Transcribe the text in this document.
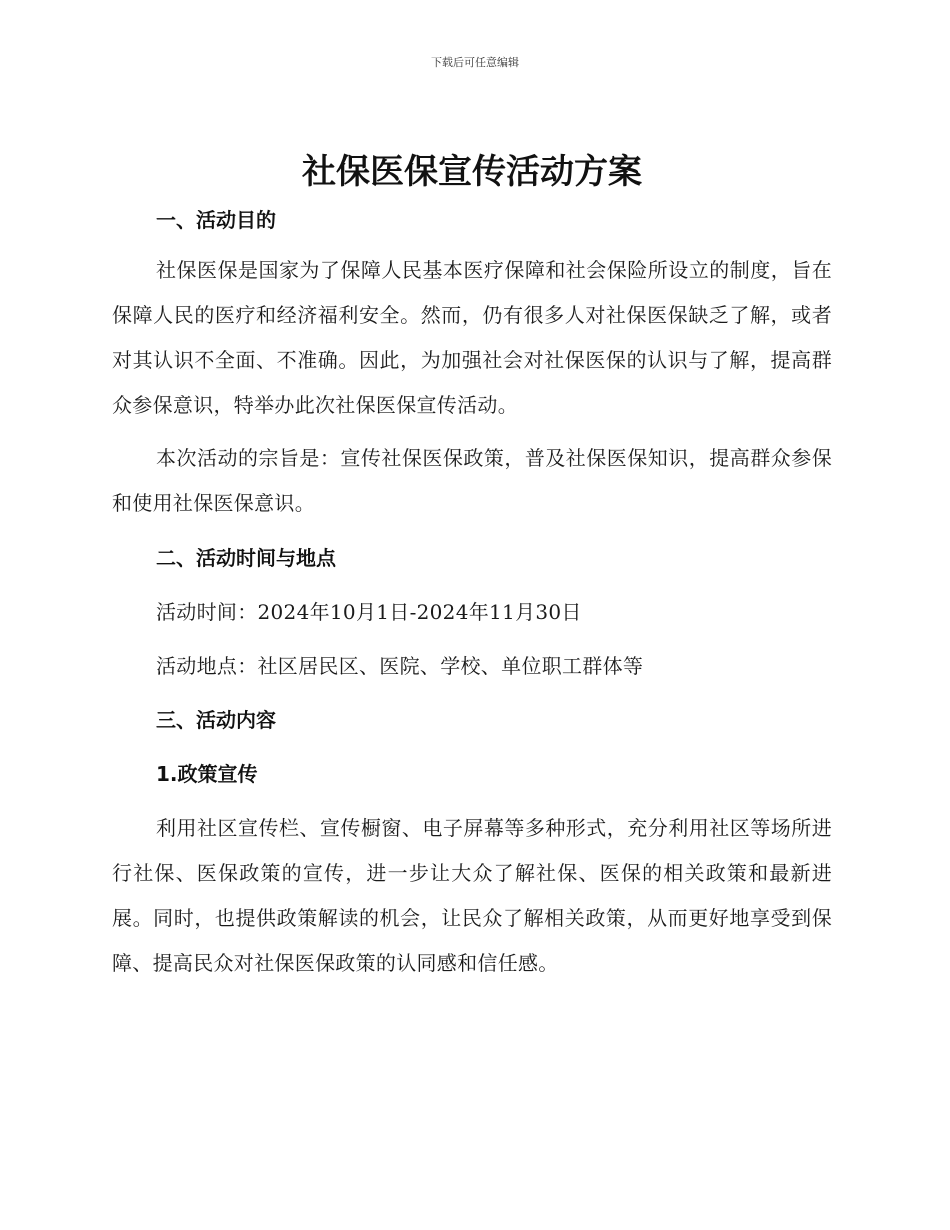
下载后可任意编辑
社保医保宣传活动方案
一、活动目的

社保医保是国家为了保障人民基本医疗保障和社会保险所设立的制度，旨在保障人民的医疗和经济福利安全。然而，仍有很多人对社保医保缺乏了解，或者对其认识不全面、不准确。因此，为加强社会对社保医保的认识与了解，提高群众参保意识，特举办此次社保医保宣传活动。

本次活动的宗旨是：宣传社保医保政策，普及社保医保知识，提高群众参保和使用社保医保意识。

二、活动时间与地点

活动时间：2024年10月1日-2024年11月30日

活动地点：社区居民区、医院、学校、单位职工群体等

三、活动内容
1.政策宣传

利用社区宣传栏、宣传橱窗、电子屏幕等多种形式，充分利用社区等场所进行社保、医保政策的宣传，进一步让大众了解社保、医保的相关政策和最新进展。同时，也提供政策解读的机会，让民众了解相关政策，从而更好地享受到保障、提高民众对社保医保政策的认同感和信任感。
